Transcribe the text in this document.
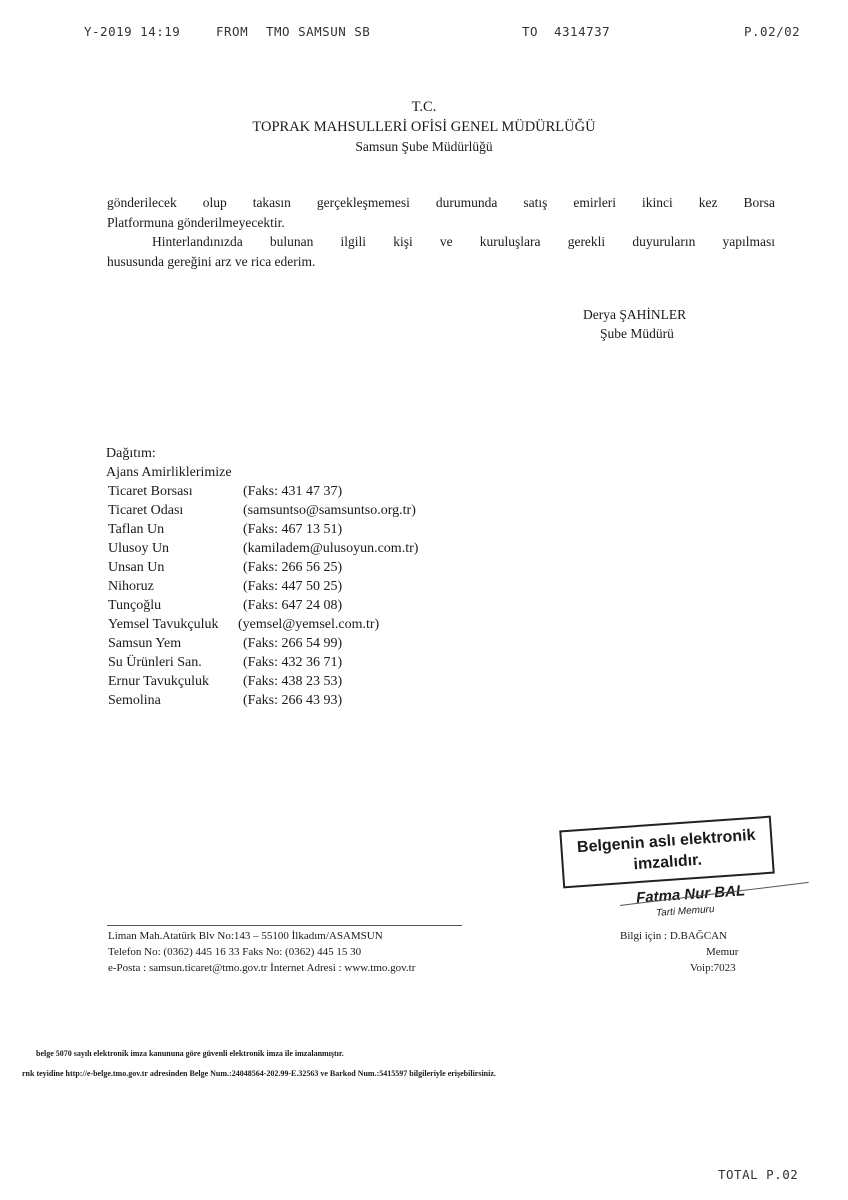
Y-2019 14:19	FROM TMO SAMSUN SB	TO 4314737	P.02/02
T.C.
TOPRAK MAHSULLERİ OFİSİ GENEL MÜDÜRLÜĞÜ
Samsun Şube Müdürlüğü
gönderilecek olup takasın gerçekleşmemesi durumunda satış emirleri ikinci kez Borsa
Platformuna gönderilmeyecektir.
Hinterlandınızda bulunan ilgili kişi ve kuruluşlara gerekli duyuruların yapılması
hususunda gereğini arz ve rica ederim.
Derya ŞAHİNLER
Şube Müdürü
Dağıtım:
Ajans Amirliklerimize
Ticaret Borsası	(Faks: 431 47 37)
Ticaret Odası	(samsuntso@samsuntso.org.tr)
Taflan Un	(Faks: 467 13 51)
Ulusoy Un	(kamiladem@ulusoyun.com.tr)
Unsan Un	(Faks: 266 56 25)
Nihoruz	(Faks: 447 50 25)
Tunçoğlu	(Faks: 647 24 08)
Yemsel Tavukçuluk (yemsel@yemsel.com.tr)
Samsun Yem	(Faks: 266 54 99)
Su Ürünleri San.	(Faks: 432 36 71)
Ernur Tavukçuluk (Faks: 438 23 53)
Semolina	(Faks: 266 43 93)
Belgenin aslı elektronik
imzalıdır.
Fatma Nur BAL
Tarti Memuru
Liman Mah.Atatürk Blv No:143 – 55100 İlkadım/ASAMSUN
Telefon No: (0362) 445 16 33 Faks No: (0362) 445 15 30
e-Posta : samsun.ticaret@tmo.gov.tr İnternet Adresi : www.tmo.gov.tr
Bilgi için : D.BAĞCAN
Memur
Voip:7023
belge 5070 sayılı elektronik imza kanununa göre güvenli elektronik imza ile imzalanmıştır.
rnk teyidine http://e-belge.tmo.gov.tr adresinden Belge Num.:24048564-202.99-E.32563 ve Barkod Num.:5415597 bilgileriyle erişebilirsiniz.
TOTAL P.02
